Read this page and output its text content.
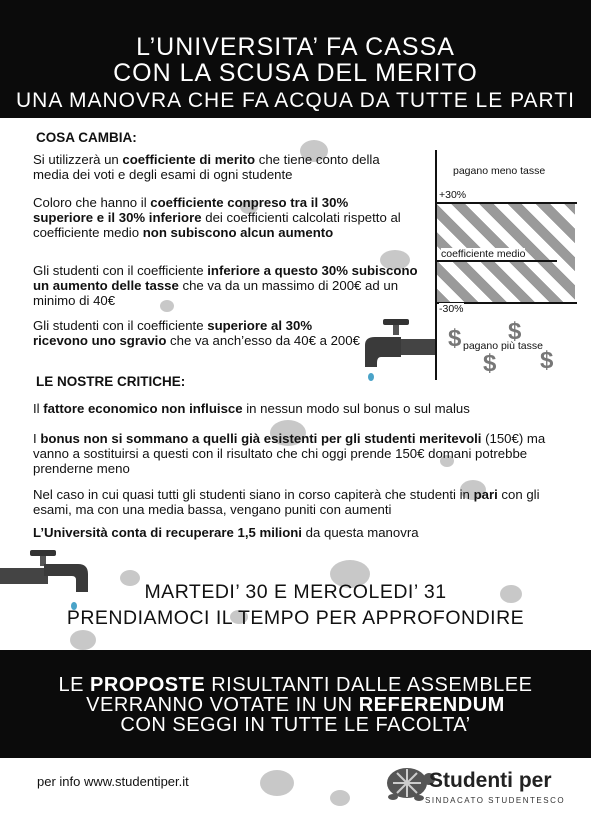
L’UNIVERSITA’ FA CASSA
CON LA SCUSA DEL MERITO
UNA MANOVRA CHE FA ACQUA DA TUTTE LE PARTI
COSA CAMBIA:
Si utilizzerà un coefficiente di merito che tiene conto della media dei voti e degli esami di ogni studente
Coloro che hanno il coefficiente conpreso tra il 30% superiore e il 30% inferiore dei coefficienti calcolati rispetto al coefficiente medio non subiscono alcun aumento
Gli studenti con il coefficiente inferiore a questo 30% subiscono un aumento delle tasse che va da un massimo di 200€ ad un minimo di 40€
Gli studenti con il coefficiente superiore al 30% ricevono uno sgravio che va anch’esso da 40€ a 200€
pagano meno tasse
+30%
coefficiente medio
-30%
pagano più tasse
$ $
$ $
LE NOSTRE CRITICHE:
Il fattore economico non influisce in nessun modo sul bonus o sul malus
I bonus non si sommano a quelli già esistenti per gli studenti meritevoli (150€) ma vanno a sostituirsi a questi con il risultato che chi oggi prende 150€ domani potrebbe prenderne meno
Nel caso in cui quasi tutti gli studenti siano in corso capiterà che studenti in pari con gli esami, ma con una media bassa, vengano puniti con aumenti
L’Università conta di recuperare 1,5 milioni da questa manovra
MARTEDI’ 30 E MERCOLEDI’ 31
PRENDIAMOCI IL TEMPO PER APPROFONDIRE
LE PROPOSTE RISULTANTI DALLE ASSEMBLEE
VERRANNO VOTATE IN UN REFERENDUM
CON SEGGI IN TUTTE LE FACOLTA’
per info www.studentiper.it	Studenti per
SINDACATO STUDENTESCO
